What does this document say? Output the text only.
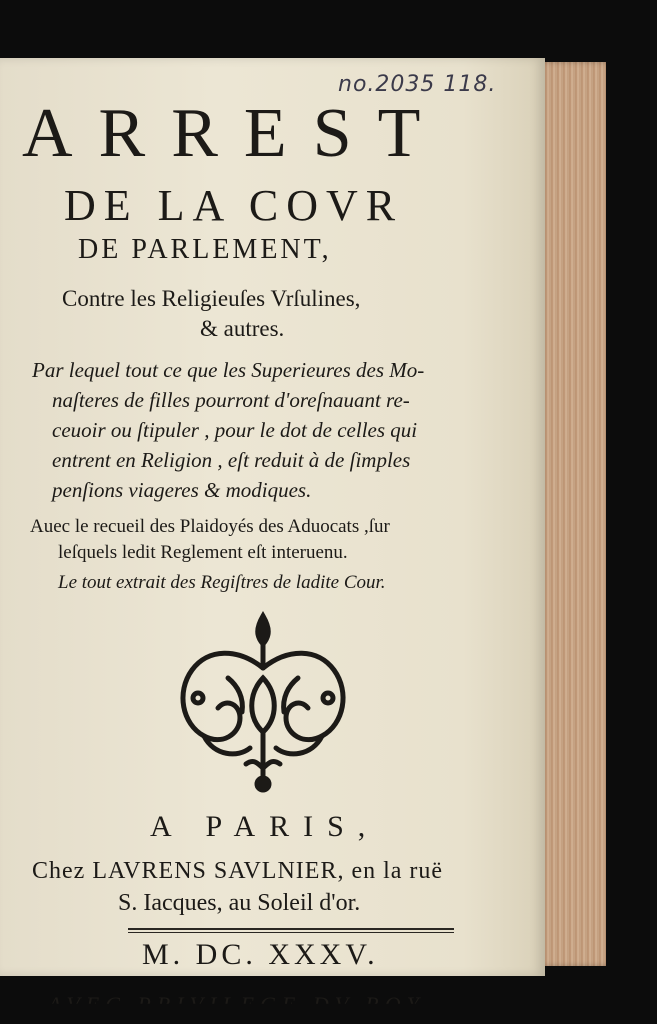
no.2035 118.
ARREST
DE LA COVR
DE PARLEMENT,
Contre les Religieuſes Vrſulines,
& autres.
Par lequel tout ce que les Superieures des Mo-
naſteres de filles pourront d'oreſnauant re-
ceuoir ou ſtipuler , pour le dot de celles qui
entrent en Religion , eſt reduit à de ſimples
penſions viageres & modiques.
Auec le recueil des Plaidoyés des Aduocats ,ſur
leſquels ledit Reglement eſt interuenu.
Le tout extrait des Regiſtres de ladite Cour.
A PARIS,
Chez LAVRENS SAVLNIER, en la ruë
S. Iacques, au Soleil d'or.
M. DC. XXXV.
